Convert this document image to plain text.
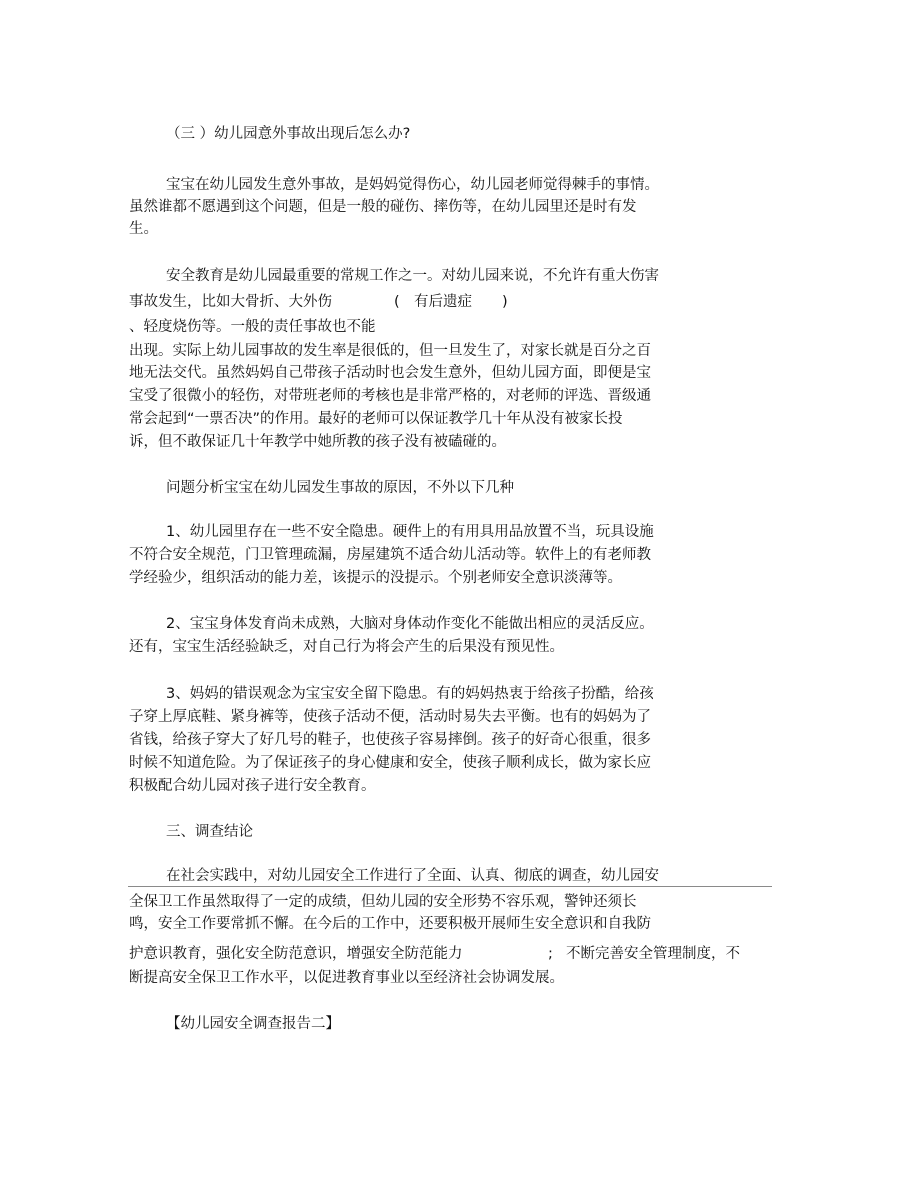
（三 ）幼儿园意外事故出现后怎么办?

宝宝在幼儿园发生意外事故，是妈妈觉得伤心，幼儿园老师觉得棘手的事情。

虽然谁都不愿遇到这个问题，但是一般的碰伤、摔伤等，在幼儿园里还是时有发

生。

安全教育是幼儿园最重要的常规工作之一。对幼儿园来说，不允许有重大伤害

事故发生，比如大骨折、大外伤	( 有后遗症 )

、轻度烧伤等。一般的责任事故也不能

出现。实际上幼儿园事故的发生率是很低的，但一旦发生了，对家长就是百分之百

地无法交代。虽然妈妈自己带孩子活动时也会发生意外，但幼儿园方面，即便是宝

宝受了很微小的轻伤，对带班老师的考核也是非常严格的，对老师的评选、晋级通

常会起到“一票否决”的作用。最好的老师可以保证教学几十年从没有被家长投

诉，但不敢保证几十年教学中她所教的孩子没有被磕碰的。

问题分析宝宝在幼儿园发生事故的原因，不外以下几种

1、幼儿园里存在一些不安全隐患。硬件上的有用具用品放置不当，玩具设施

不符合安全规范，门卫管理疏漏，房屋建筑不适合幼儿活动等。软件上的有老师教

学经验少，组织活动的能力差，该提示的没提示。个别老师安全意识淡薄等。

2、宝宝身体发育尚未成熟，大脑对身体动作变化不能做出相应的灵活反应。

还有，宝宝生活经验缺乏，对自己行为将会产生的后果没有预见性。

3、妈妈的错误观念为宝宝安全留下隐患。有的妈妈热衷于给孩子扮酷，给孩

子穿上厚底鞋、紧身裤等，使孩子活动不便，活动时易失去平衡。也有的妈妈为了

省钱，给孩子穿大了好几号的鞋子，也使孩子容易摔倒。孩子的好奇心很重，很多

时候不知道危险。为了保证孩子的身心健康和安全，使孩子顺利成长，做为家长应

积极配合幼儿园对孩子进行安全教育。

三、调查结论

在社会实践中，对幼儿园安全工作进行了全面、认真、彻底的调查，幼儿园安

全保卫工作虽然取得了一定的成绩，但幼儿园的安全形势不容乐观，警钟还须长

鸣，安全工作要常抓不懈。在今后的工作中，还要积极开展师生安全意识和自我防

护意识教育，强化安全防范意识，增强安全防范能力	; 不断完善安全管理制度，不

断提高安全保卫工作水平，以促进教育事业以至经济社会协调发展。

【幼儿园安全调查报告二】
